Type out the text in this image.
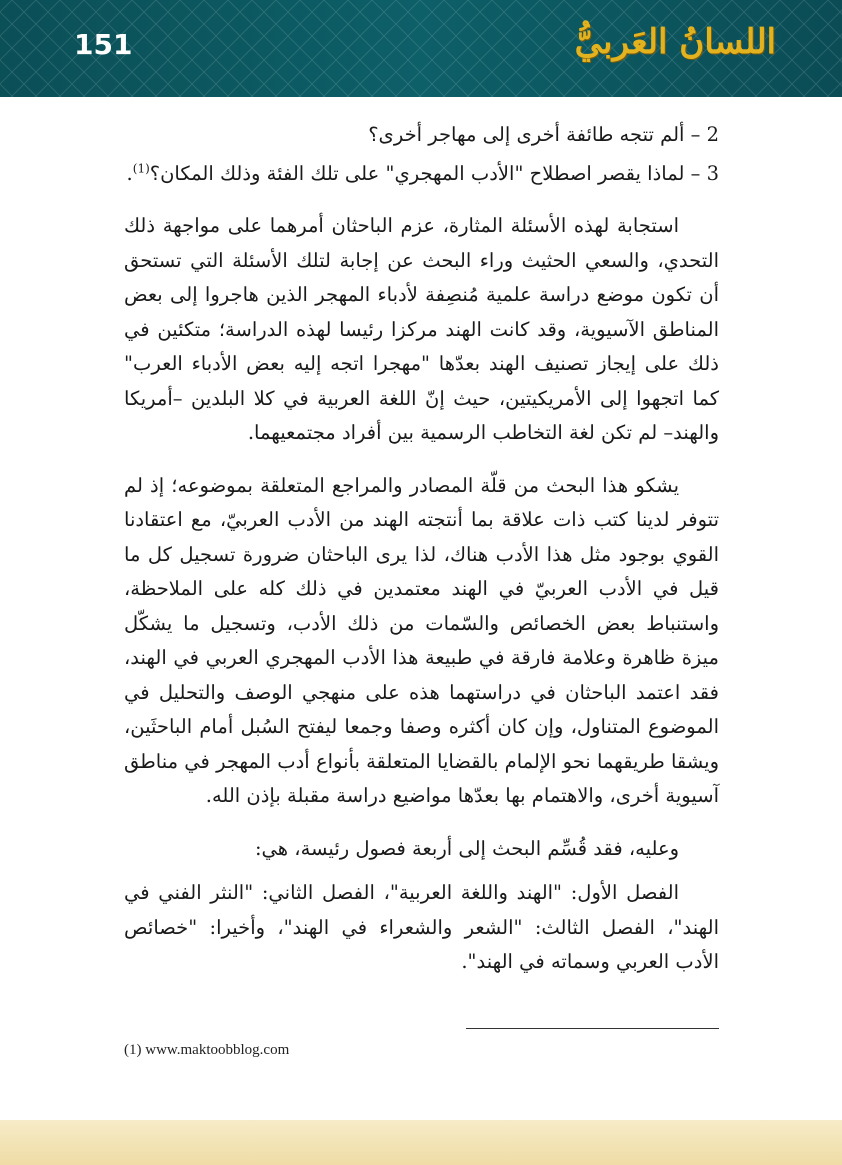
151	اللسانُ العَربيُّ

2 – ألم تتجه طائفة أخرى إلى مهاجر أخرى؟

3 – لماذا يقصر اصطلاح "الأدب المهجري" على تلك الفئة وذلك المكان؟$^{(1)}$.

استجابة لهذه الأسئلة المثارة، عزم الباحثان أمرهما على مواجهة ذلك التحدي، والسعي الحثيث وراء البحث عن إجابة لتلك الأسئلة التي تستحق أن تكون موضع دراسة علمية مُنصِفة لأدباء المهجر الذين هاجروا إلى بعض المناطق الآسيوية، وقد كانت الهند مركزا رئيسا لهذه الدراسة؛ متكئين في ذلك على إيجاز تصنيف الهند بعدّها "مهجرا اتجه إليه بعض الأدباء العرب" كما اتجهوا إلى الأمريكيتين، حيث إنّ اللغة العربية في كلا البلدين –أمريكا والهند– لم تكن لغة التخاطب الرسمية بين أفراد مجتمعيهما.

يشكو هذا البحث من قلّة المصادر والمراجع المتعلقة بموضوعه؛ إذ لم تتوفر لدينا كتب ذات علاقة بما أنتجته الهند من الأدب العربيّ، مع اعتقادنا القوي بوجود مثل هذا الأدب هناك، لذا يرى الباحثان ضرورة تسجيل كل ما قيل في الأدب العربيّ في الهند معتمدين في ذلك كله على الملاحظة، واستنباط بعض الخصائص والسّمات من ذلك الأدب، وتسجيل ما يشكّل ميزة ظاهرة وعلامة فارقة في طبيعة هذا الأدب المهجري العربي في الهند، فقد اعتمد الباحثان في دراستهما هذه على منهجي الوصف والتحليل في الموضوع المتناول، وإن كان أكثره وصفا وجمعا ليفتح السُبل أمام الباحثَين، ويشقا طريقهما نحو الإلمام بالقضايا المتعلقة بأنواع أدب المهجر في مناطق آسيوية أخرى، والاهتمام بها بعدّها مواضيع دراسة مقبلة بإذن الله.

وعليه، فقد قُسِّم البحث إلى أربعة فصول رئيسة، هي:

الفصل الأول: "الهند واللغة العربية"، الفصل الثاني: "النثر الفني في الهند"، الفصل الثالث: "الشعر والشعراء في الهند"، وأخيرا: "خصائص الأدب العربي وسماته في الهند".

(1) www.maktoobblog.com
